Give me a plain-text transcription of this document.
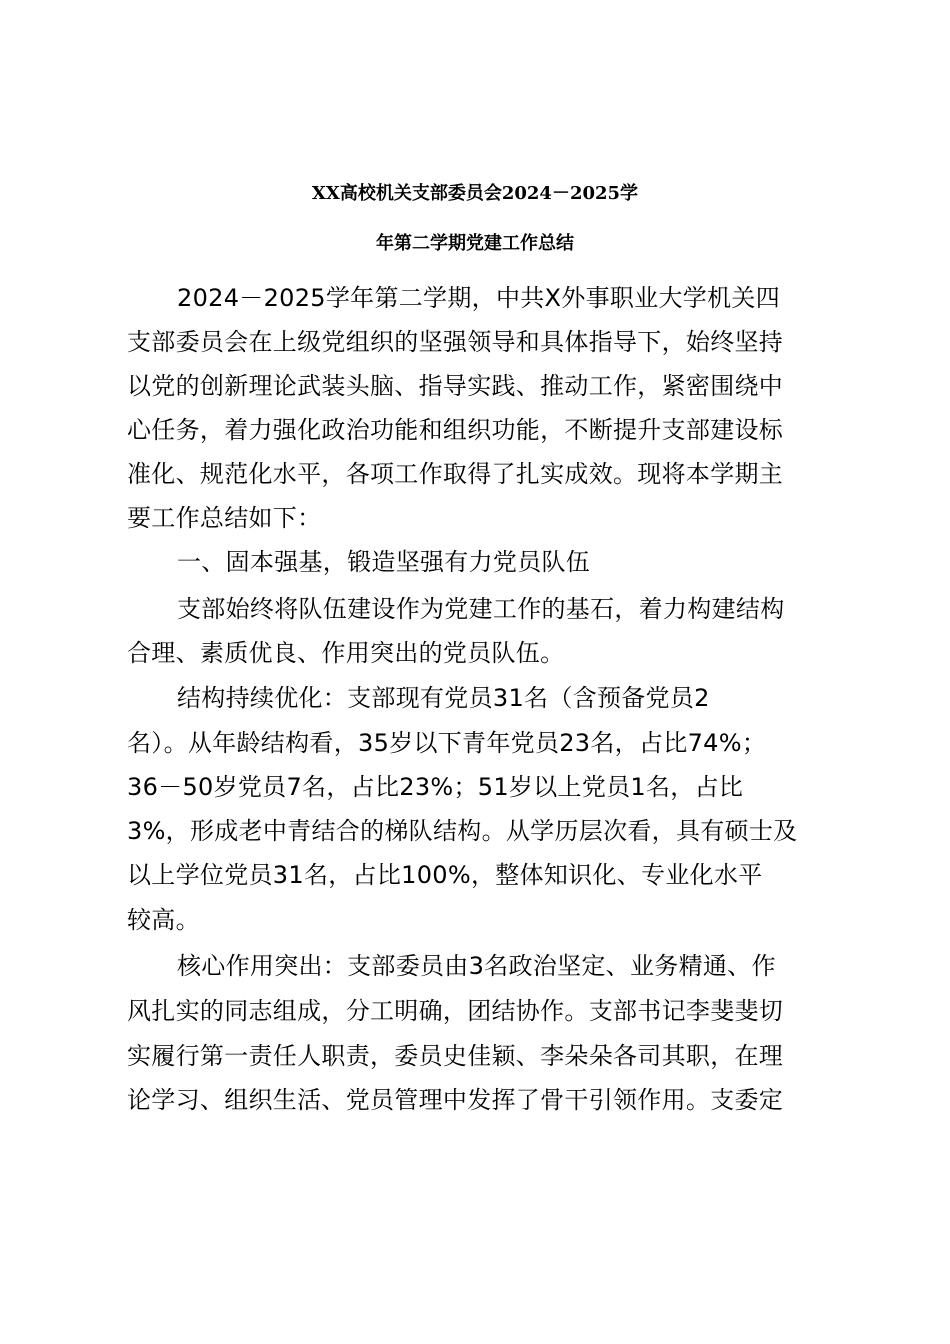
XX高校机关支部委员会2024－2025学
年第二学期党建工作总结
2024－2025学年第二学期，中共X外事职业大学机关四
支部委员会在上级党组织的坚强领导和具体指导下，始终坚持
以党的创新理论武装头脑、指导实践、推动工作，紧密围绕中
心任务，着力强化政治功能和组织功能，不断提升支部建设标
准化、规范化水平，各项工作取得了扎实成效。现将本学期主
要工作总结如下：
一、固本强基，锻造坚强有力党员队伍
支部始终将队伍建设作为党建工作的基石，着力构建结构
合理、素质优良、作用突出的党员队伍。
结构持续优化：支部现有党员31名（含预备党员2
名）。从年龄结构看，35岁以下青年党员23名，占比74%；
36－50岁党员7名，占比23%；51岁以上党员1名，占比
3%，形成老中青结合的梯队结构。从学历层次看，具有硕士及
以上学位党员31名，占比100%，整体知识化、专业化水平
较高。
核心作用突出：支部委员由3名政治坚定、业务精通、作
风扎实的同志组成，分工明确，团结协作。支部书记李斐斐切
实履行第一责任人职责，委员史佳颖、李朵朵各司其职，在理
论学习、组织生活、党员管理中发挥了骨干引领作用。支委定
